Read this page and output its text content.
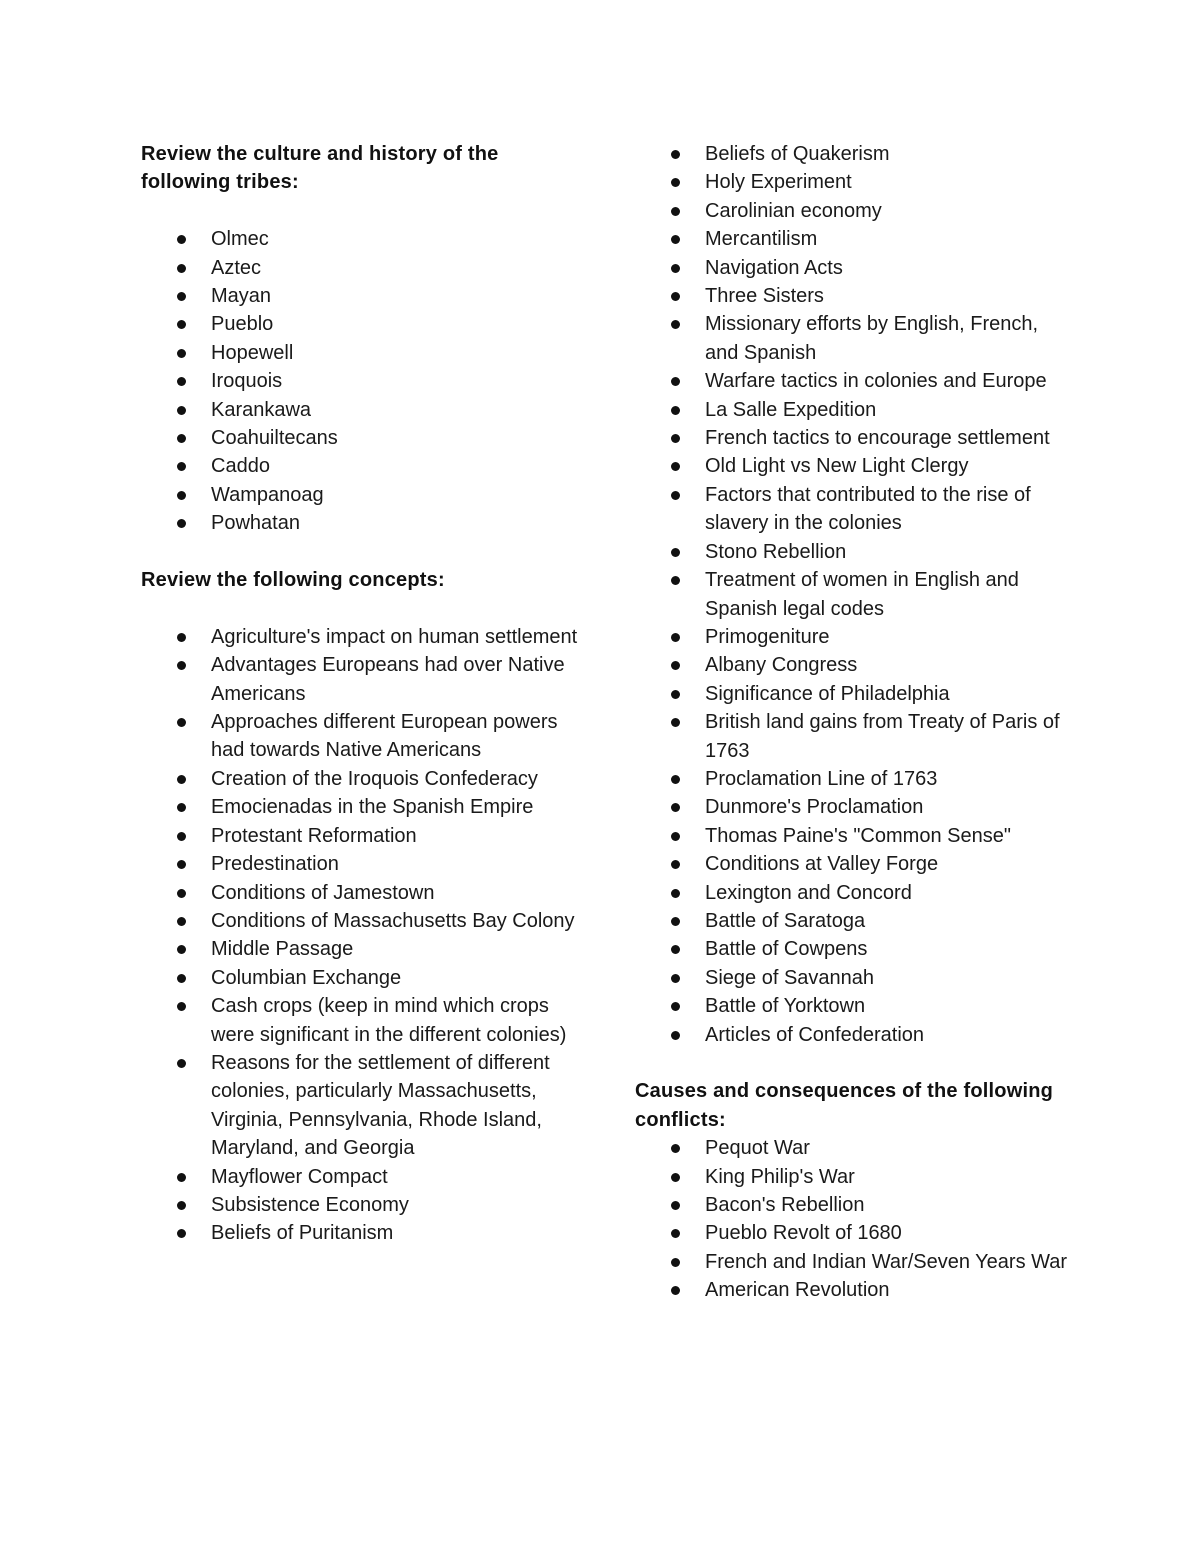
Review the culture and history of the following tribes:

Olmec
Aztec
Mayan
Pueblo
Hopewell
Iroquois
Karankawa
Coahuiltecans
Caddo
Wampanoag
Powhatan

Review the following concepts:

Agriculture's impact on human settlement
Advantages Europeans had over Native Americans
Approaches different European powers had towards Native Americans
Creation of the Iroquois Confederacy
Emocienadas in the Spanish Empire
Protestant Reformation
Predestination
Conditions of Jamestown
Conditions of Massachusetts Bay Colony
Middle Passage
Columbian Exchange
Cash crops (keep in mind which crops were significant in the different colonies)
Reasons for the settlement of different colonies, particularly Massachusetts, Virginia, Pennsylvania, Rhode Island, Maryland, and Georgia
Mayflower Compact
Subsistence Economy
Beliefs of Puritanism
Beliefs of Quakerism
Holy Experiment
Carolinian economy
Mercantilism
Navigation Acts
Three Sisters
Missionary efforts by English, French, and Spanish
Warfare tactics in colonies and Europe
La Salle Expedition
French tactics to encourage settlement
Old Light vs New Light Clergy
Factors that contributed to the rise of slavery in the colonies
Stono Rebellion
Treatment of women in English and Spanish legal codes
Primogeniture
Albany Congress
Significance of Philadelphia
British land gains from Treaty of Paris of 1763
Proclamation Line of 1763
Dunmore's Proclamation
Thomas Paine's "Common Sense"
Conditions at Valley Forge
Lexington and Concord
Battle of Saratoga
Battle of Cowpens
Siege of Savannah
Battle of Yorktown
Articles of Confederation

Causes and consequences of the following conflicts:

Pequot War
King Philip's War
Bacon's Rebellion
Pueblo Revolt of 1680
French and Indian War/Seven Years War
American Revolution
